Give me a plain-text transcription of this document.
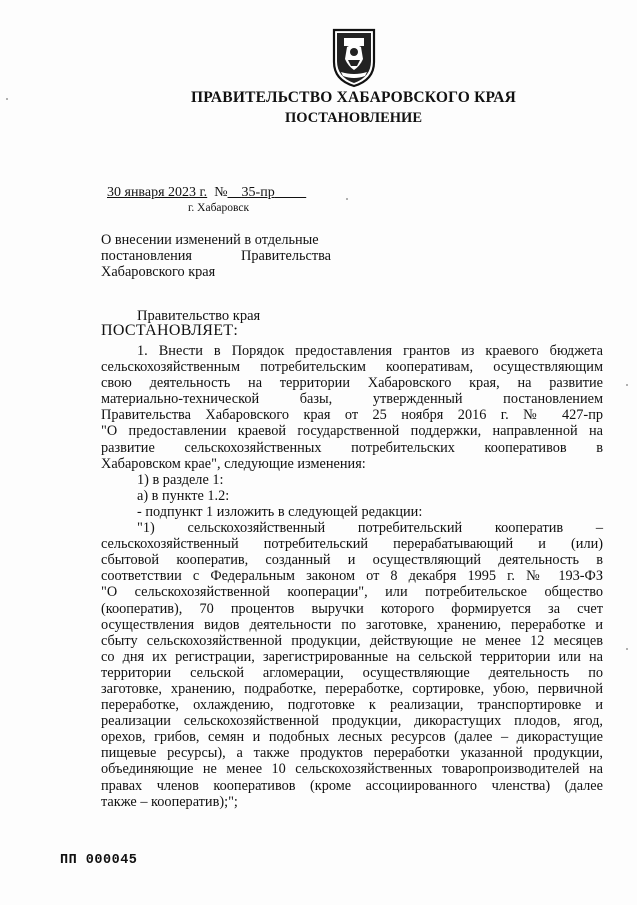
ПРАВИТЕЛЬСТВО ХАБАРОВСКОГО КРАЯ
ПОСТАНОВЛЕНИЕ
30 января 2023 г. № 35-пр
г. Хабаровск
О внесении изменений в отдельные
постановления	Правительства
Хабаровского края
Правительство края
ПОСТАНОВЛЯЕТ:
1. Внести в Порядок предоставления грантов из краевого бюджета
сельскохозяйственным потребительским кооперативам, осуществляющим
свою деятельность на территории Хабаровского края, на развитие
материально-технической базы, утвержденный постановлением
Правительства Хабаровского края от 25 ноября 2016 г. № 427-пр
"О предоставлении краевой государственной поддержки, направленной на
развитие сельскохозяйственных потребительских кооперативов в
Хабаровском крае", следующие изменения:
1) в разделе 1:
а) в пункте 1.2:
- подпункт 1 изложить в следующей редакции:
"1) сельскохозяйственный потребительский кооператив –
сельскохозяйственный потребительский перерабатывающий и (или)
сбытовой кооператив, созданный и осуществляющий деятельность в
соответствии с Федеральным законом от 8 декабря 1995 г. № 193-ФЗ
"О сельскохозяйственной кооперации", или потребительское общество
(кооператив), 70 процентов выручки которого формируется за счет
осуществления видов деятельности по заготовке, хранению, переработке и
сбыту сельскохозяйственной продукции, действующие не менее 12 месяцев
со дня их регистрации, зарегистрированные на сельской территории или на
территории сельской агломерации, осуществляющие деятельность по
заготовке, хранению, подработке, переработке, сортировке, убою, первичной
переработке, охлаждению, подготовке к реализации, транспортировке и
реализации сельскохозяйственной продукции, дикорастущих плодов, ягод,
орехов, грибов, семян и подобных лесных ресурсов (далее – дикорастущие
пищевые ресурсы), а также продуктов переработки указанной продукции,
объединяющие не менее 10 сельскохозяйственных товаропроизводителей на
правах членов кооперативов (кроме ассоциированного членства) (далее
также – кооператив);";
ПП 000045
